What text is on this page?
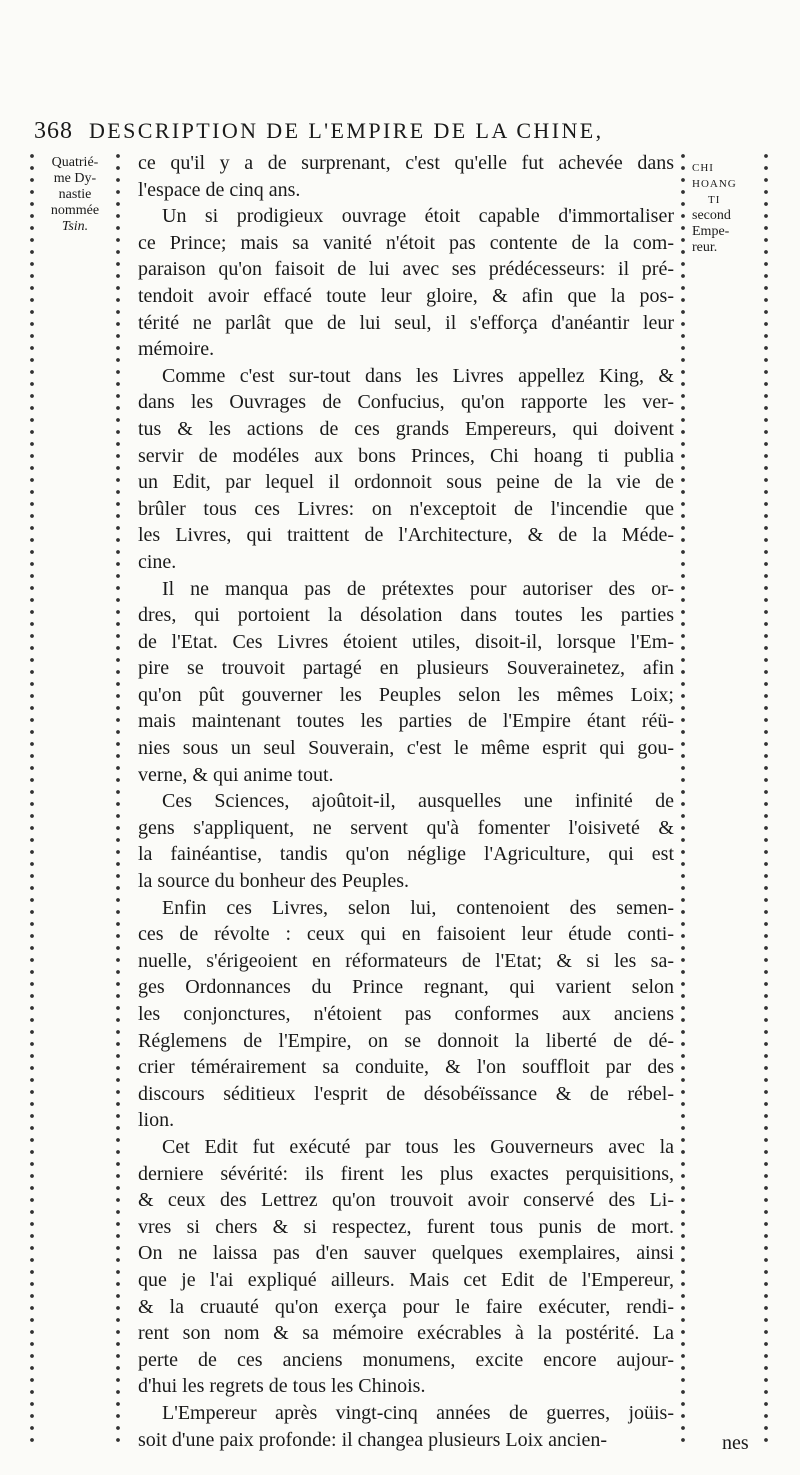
368 DESCRIPTION DE L'EMPIRE DE LA CHINE,
Quatrié-
me Dy-
nastie
nommée
Tsin.
CHI
HOANG
TI
second
Empe-
reur.

ce qu'il y a de surprenant, c'est qu'elle fut achevée dans
l'espace de cinq ans.

Un si prodigieux ouvrage étoit capable d'immortaliser
ce Prince; mais sa vanité n'étoit pas contente de la com-
paraison qu'on faisoit de lui avec ses prédécesseurs: il pré-
tendoit avoir effacé toute leur gloire, & afin que la pos-
térité ne parlât que de lui seul, il s'efforça d'anéantir leur
mémoire.

Comme c'est sur-tout dans les Livres appellez King, &
dans les Ouvrages de Confucius, qu'on rapporte les ver-
tus & les actions de ces grands Empereurs, qui doivent
servir de modéles aux bons Princes, Chi hoang ti publia
un Edit, par lequel il ordonnoit sous peine de la vie de
brûler tous ces Livres: on n'exceptoit de l'incendie que
les Livres, qui traittent de l'Architecture, & de la Méde-
cine.

Il ne manqua pas de prétextes pour autoriser des or-
dres, qui portoient la désolation dans toutes les parties
de l'Etat. Ces Livres étoient utiles, disoit-il, lorsque l'Em-
pire se trouvoit partagé en plusieurs Souverainetez, afin
qu'on pût gouverner les Peuples selon les mêmes Loix;
mais maintenant toutes les parties de l'Empire étant réü-
nies sous un seul Souverain, c'est le même esprit qui gou-
verne, & qui anime tout.

Ces Sciences, ajoûtoit-il, ausquelles une infinité de
gens s'appliquent, ne servent qu'à fomenter l'oisiveté &
la fainéantise, tandis qu'on néglige l'Agriculture, qui est
la source du bonheur des Peuples.

Enfin ces Livres, selon lui, contenoient des semen-
ces de révolte : ceux qui en faisoient leur étude conti-
nuelle, s'érigeoient en réformateurs de l'Etat; & si les sa-
ges Ordonnances du Prince regnant, qui varient selon
les conjonctures, n'étoient pas conformes aux anciens
Réglemens de l'Empire, on se donnoit la liberté de dé-
crier témérairement sa conduite, & l'on souffloit par des
discours séditieux l'esprit de désobéïssance & de rébel-
lion.

Cet Edit fut exécuté par tous les Gouverneurs avec la
derniere sévérité: ils firent les plus exactes perquisitions,
& ceux des Lettrez qu'on trouvoit avoir conservé des Li-
vres si chers & si respectez, furent tous punis de mort.
On ne laissa pas d'en sauver quelques exemplaires, ainsi
que je l'ai expliqué ailleurs. Mais cet Edit de l'Empereur,
& la cruauté qu'on exerça pour le faire exécuter, rendi-
rent son nom & sa mémoire exécrables à la postérité. La
perte de ces anciens monumens, excite encore aujour-
d'hui les regrets de tous les Chinois.

L'Empereur après vingt-cinq années de guerres, joüis-
soit d'une paix profonde: il changea plusieurs Loix ancien-	nes
